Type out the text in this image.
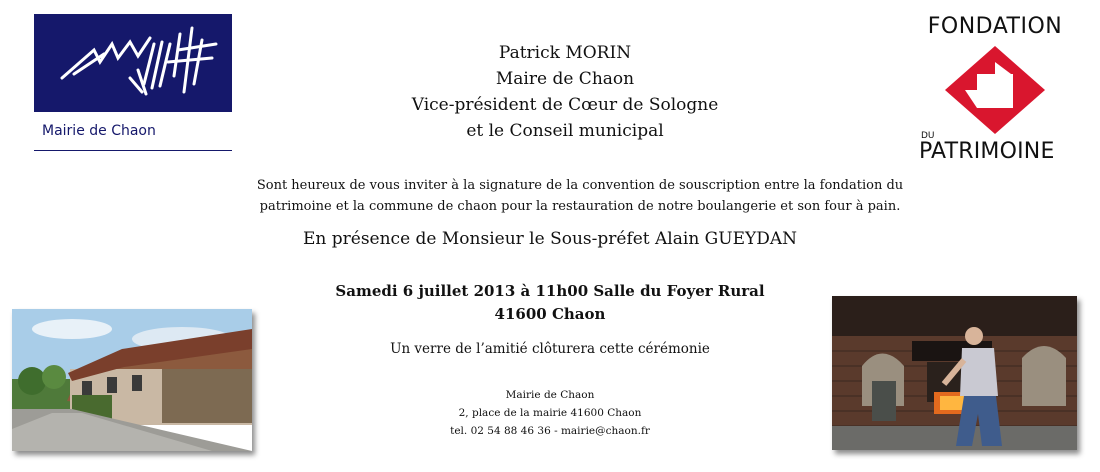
Mairie de Chaon
FONDATION
DU
PATRIMOINE
Patrick MORIN
Maire de Chaon
Vice-président de Cœur de Sologne
et le Conseil municipal
Sont heureux de vous inviter à la signature de la convention de souscription entre la fondation du
patrimoine et la commune de chaon pour la restauration de notre boulangerie et son four à pain.
En présence de Monsieur le Sous-préfet Alain GUEYDAN
Samedi 6 juillet 2013 à 11h00 Salle du Foyer Rural
41600 Chaon
Un verre de l’amitié clôturera cette cérémonie
Mairie de Chaon
2, place de la mairie 41600 Chaon
tel. 02 54 88 46 36 - mairie@chaon.fr
